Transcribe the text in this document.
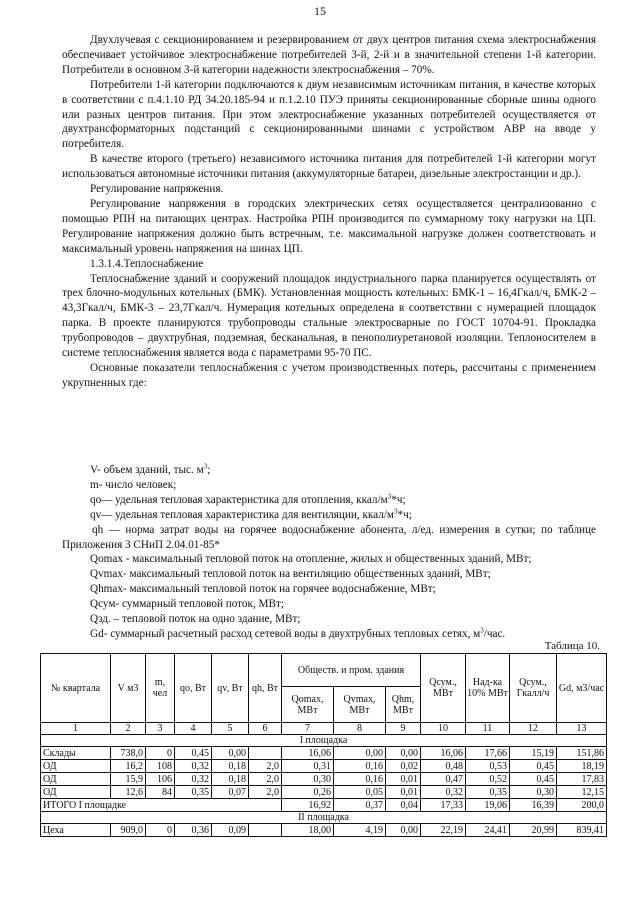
15

Двухлучевая с секционированием и резервированием от двух центров питания схема электроснабжения обеспечивает устойчивое электроснабжение потребителей 3-й, 2-й и в значительной степени 1-й категории. Потребители в основном 3-й категории надежности электроснабжения – 70%.

Потребители 1-й категории подключаются к двум независимым источникам питания, в качестве которых в соответствии с п.4.1.10 РД 34.20.185-94 и п.1.2.10 ПУЭ приняты секционированные сборные шины одного или разных центров питания. При этом электроснабжение указанных потребителей осуществляется от двухтрансформаторных подстанций с секционированными шинами с устройством АВР на вводе у потребителя.

В качестве второго (третьего) независимого источника питания для потребителей 1-й категории могут использоваться автономные источники питания (аккумуляторные батареи, дизельные электростанции и др.).

Регулирование напряжения.

Регулирование напряжения в городских электрических сетях осуществляется централизованно с помощью РПН на питающих центрах. Настройка РПН производится по суммарному току нагрузки на ЦП. Регулирование напряжения должно быть встречным, т.е. максимальной нагрузке должен соответствовать и максимальный уровень напряжения на шинах ЦП.

1.3.1.4.Теплоснабжение

Теплоснабжение зданий и сооружений площадок индустриального парка планируется осуществлять от трех блочно-модульных котельных (БМК). Установленная мощность котельных: БМК-1 – 16,4Гкал/ч, БМК-2 – 43,3Гкал/ч, БМК-3 – 23,7Гкал/ч. Нумерация котельных определена в соответствии с нумерацией площадок парка. В проекте планируются трубопроводы стальные электросварные по ГОСТ 10704-91. Прокладка трубопроводов – двухтрубная, подземная, бесканальная, в пенополиуретановой изоляции. Теплоносителем в системе теплоснабжения является вода с параметрами 95-70 ПС.

Основные показатели теплоснабжения с учетом производственных потерь, рассчитаны с применением укрупненных где:

V- объем зданий, тыс. $м^3$;

m- число человек;

qo— удельная тепловая характеристика для отопления, ккал/$м^3*ч$;

qv— удельная тепловая характеристика для вентиляции, ккал/$м^3*ч$;

qh — норма затрат воды на горячее водоснабжение абонента, л/ед. измерения в сутки; по таблице Приложения 3 СНиП 2.04.01-85*

Qomax - максимальный тепловой поток на отопление, жилых и общественных зданий, МВт;

Qvmax- максимальный тепловой поток на вентиляцию общественных зданий, МВт;

Qhmax- максимальный тепловой поток на горячее водоснабжение, МВт;

Qсум- суммарный тепловой поток, МВт;

Qзд. – тепловой поток на одно здание, МВт;

Gd- суммарный расчетный расход сетевой воды в двухтрубных тепловых сетях, $м^3$/час.

Таблица 10.
№ квартала	V м3	m, чел	qo, Вт	qv, Вт	qh, Вт	Обществ. и пром. здания			Qсум., МВт	Над-ка 10% МВт	Qсум., Гкалл/ч	Gd, м3/час
						Qomax, МВт	Qvmax, МВт	Qhm, МВт				
1	2	3	4	5	6	7	8	9	10	11	12	13
I площадка												
Склады	738,0	0	0,45	0,00		16,06	0,00	0,00	16,06	17,66	15,19	151,86
ОД	16,2	108	0,32	0,18	2,0	0,31	0,16	0,02	0,48	0,53	0,45	18,19
ОД	15,9	106	0,32	0,18	2,0	0,30	0,16	0,01	0,47	0,52	0,45	17,83
ОД	12,6	84	0,35	0,07	2,0	0,26	0,05	0,01	0,32	0,35	0,30	12,15
ИТОГО I площадке						16,92	0,37	0,04	17,33	19,06	16,39	200,0
II площадка												
Цеха	909,0	0	0,36	0,09		18,00	4,19	0,00	22,19	24,41	20,99	839,41
